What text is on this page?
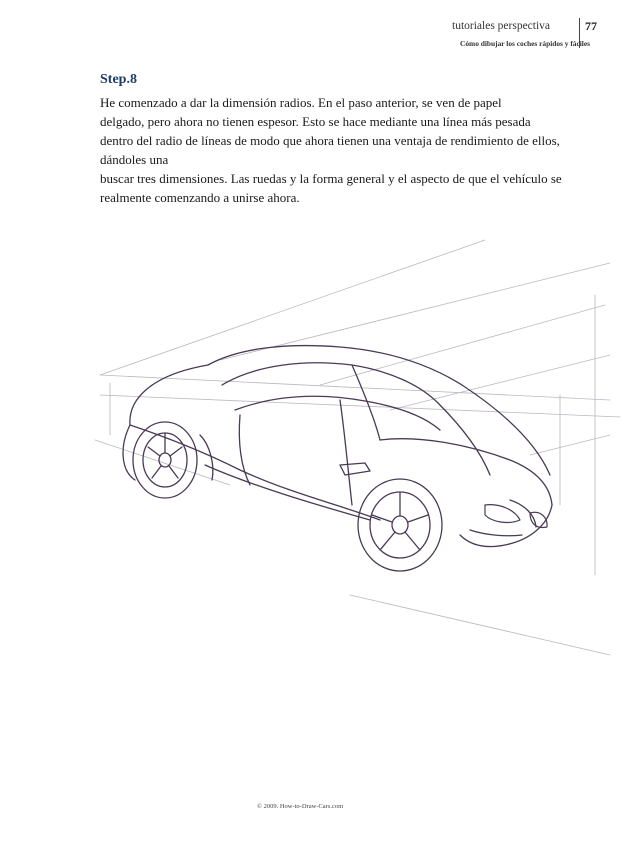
tutoriales perspectiva	77
Cómo dibujar los coches rápidos y fáciles
Step.8
He comenzado a dar la dimensión radios. En el paso anterior, se ven de papel
delgado, pero ahora no tienen espesor. Esto se hace mediante una línea más pesada
dentro del radio de líneas de modo que ahora tienen una ventaja de rendimiento de ellos,
dándoles una
buscar tres dimensiones. Las ruedas y la forma general y el aspecto de que el vehículo se
realmente comenzando a unirse ahora.
© 2009. How-to-Draw-Cars.com
